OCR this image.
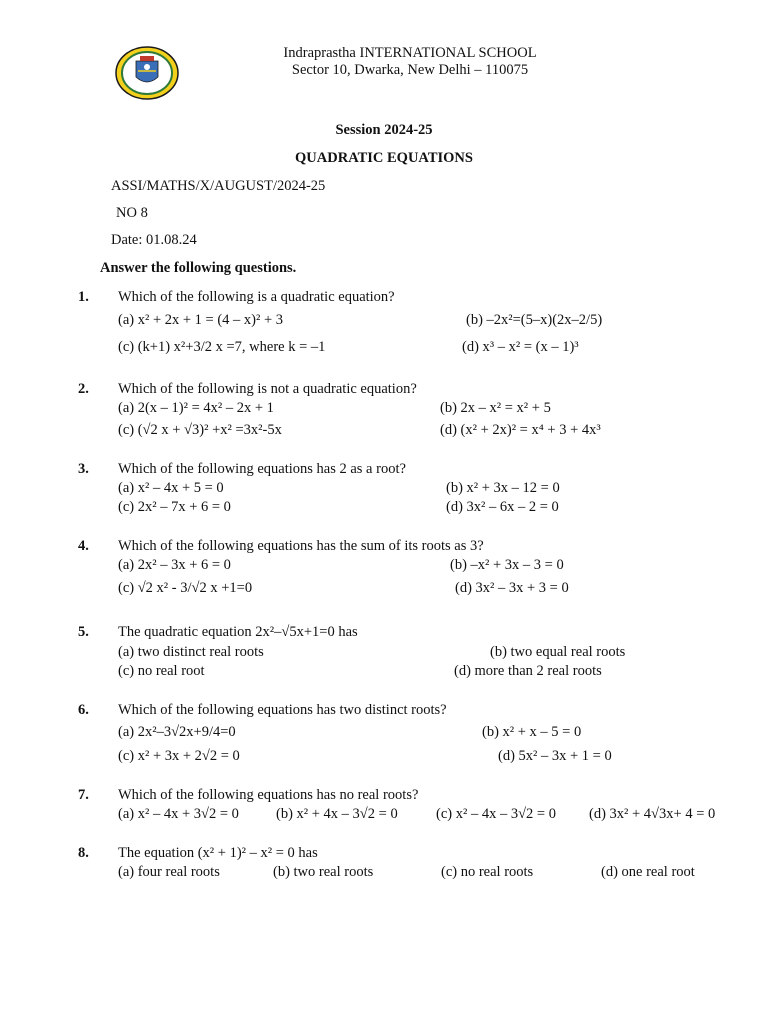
Indraprastha INTERNATIONAL SCHOOL
Sector 10, Dwarka, New Delhi – 110075
Session 2024-25
QUADRATIC EQUATIONS
ASSI/MATHS/X/AUGUST/2024-25
NO 8
Date: 01.08.24
Answer the following questions.
1. Which of the following is a quadratic equation?
(a) x² + 2x + 1 = (4 – x)² + 3	(b) –2x²=(5–x)(2x–2/5)
(c) (k+1) x²+3/2 x =7, where k = –1	(d) x³ – x² = (x – 1)³
2. Which of the following is not a quadratic equation?
(a) 2(x – 1)² = 4x² – 2x + 1	(b) 2x – x² = x² + 5
(c) (√2 x + √3)² +x² =3x²-5x	(d) (x² + 2x)² = x⁴ + 3 + 4x³
3. Which of the following equations has 2 as a root?
(a) x² – 4x + 5 = 0	(b) x² + 3x – 12 = 0
(c) 2x² – 7x + 6 = 0	(d) 3x² – 6x – 2 = 0
4. Which of the following equations has the sum of its roots as 3?
(a) 2x² – 3x + 6 = 0	(b) –x² + 3x – 3 = 0
(c) √2 x² - 3/√2 x +1=0	(d) 3x² – 3x + 3 = 0
5. The quadratic equation 2x²–√5x+1=0 has
(a) two distinct real roots	(b) two equal real roots
(c) no real root	(d) more than 2 real roots
6. Which of the following equations has two distinct roots?
(a) 2x²–3√2x+9/4=0	(b) x² + x – 5 = 0
(c) x² + 3x + 2√2 = 0	(d) 5x² – 3x + 1 = 0
7. Which of the following equations has no real roots?
(a) x² – 4x + 3√2 = 0	(b) x² + 4x – 3√2 = 0	(c) x² – 4x – 3√2 = 0 (d) 3x² + 4√3x+ 4 = 0
8. The equation (x² + 1)² – x² = 0 has
(a) four real roots	(b) two real roots	(c) no real roots	(d) one real root
